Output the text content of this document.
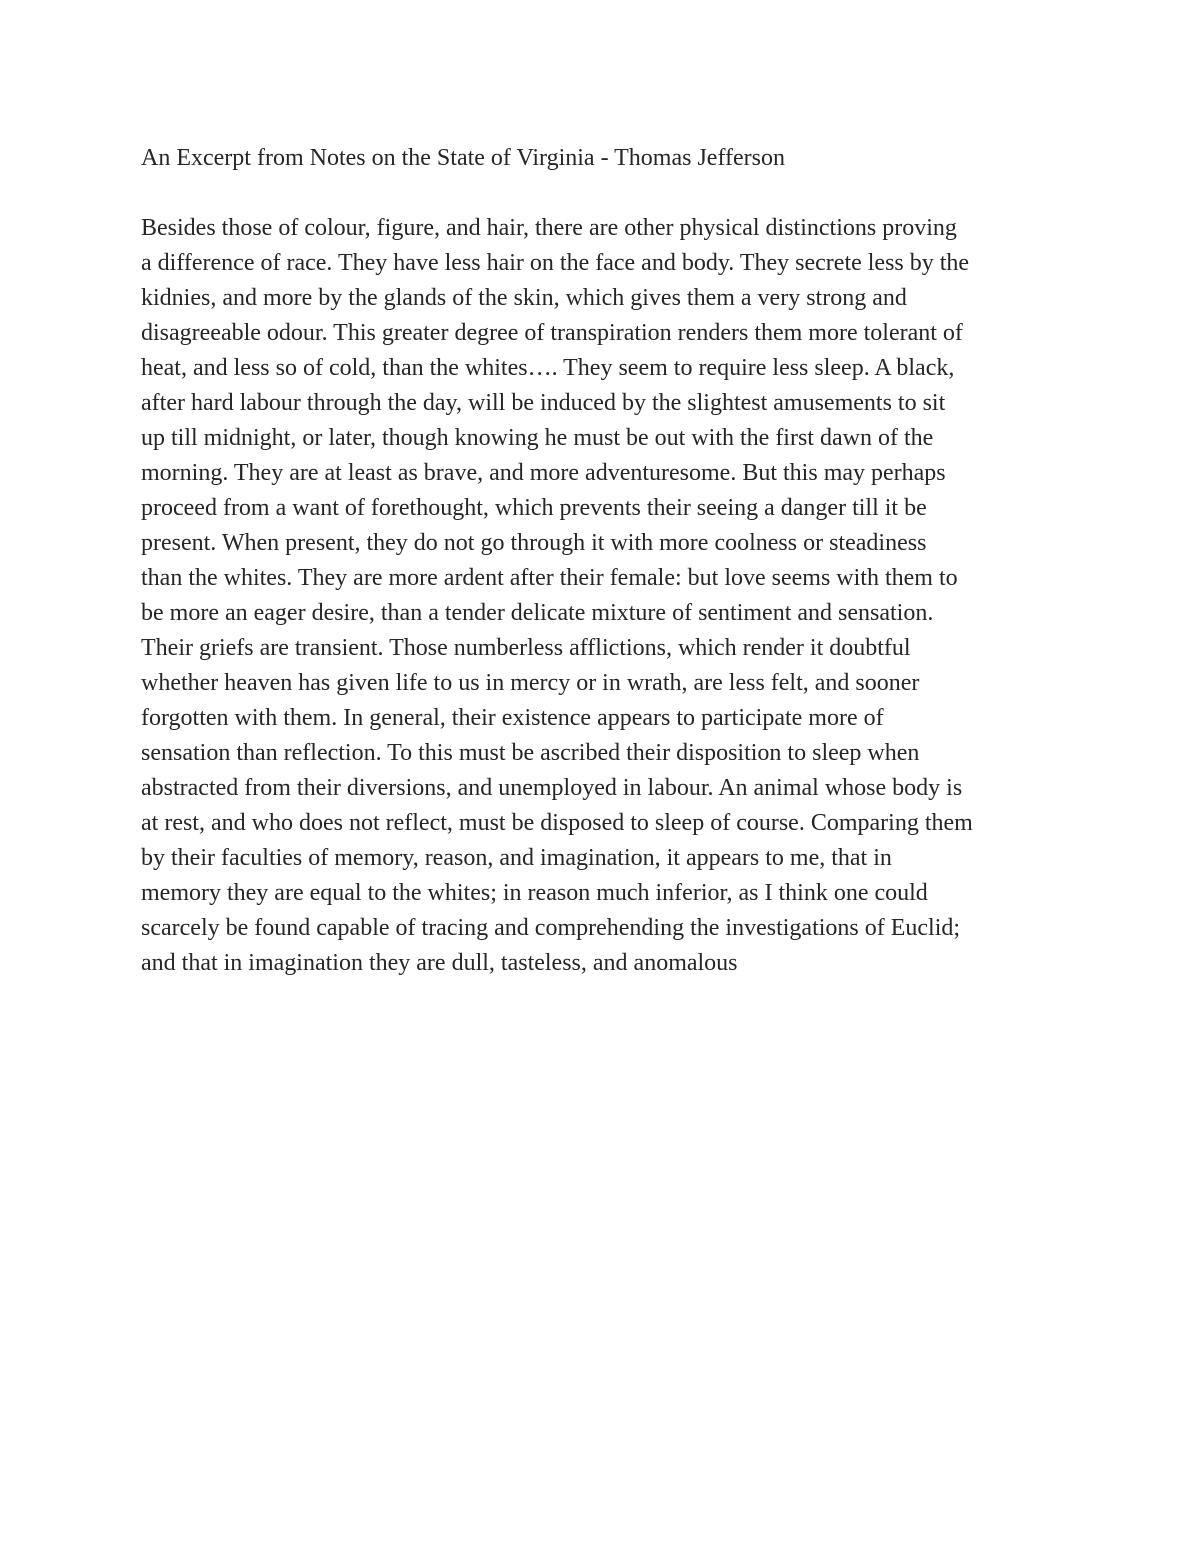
An Excerpt from Notes on the State of Virginia - Thomas Jefferson
Besides those of colour, figure, and hair, there are other physical distinctions proving
a difference of race. They have less hair on the face and body. They secrete less by the
kidnies, and more by the glands of the skin, which gives them a very strong and
disagreeable odour. This greater degree of transpiration renders them more tolerant of
heat, and less so of cold, than the whites…. They seem to require less sleep. A black,
after hard labour through the day, will be induced by the slightest amusements to sit
up till midnight, or later, though knowing he must be out with the first dawn of the
morning. They are at least as brave, and more adventuresome. But this may perhaps
proceed from a want of forethought, which prevents their seeing a danger till it be
present. When present, they do not go through it with more coolness or steadiness
than the whites. They are more ardent after their female: but love seems with them to
be more an eager desire, than a tender delicate mixture of sentiment and sensation.
Their griefs are transient. Those numberless afflictions, which render it doubtful
whether heaven has given life to us in mercy or in wrath, are less felt, and sooner
forgotten with them. In general, their existence appears to participate more of
sensation than reflection. To this must be ascribed their disposition to sleep when
abstracted from their diversions, and unemployed in labour. An animal whose body is
at rest, and who does not reflect, must be disposed to sleep of course. Comparing them
by their faculties of memory, reason, and imagination, it appears to me, that in
memory they are equal to the whites; in reason much inferior, as I think one could
scarcely be found capable of tracing and comprehending the investigations of Euclid;
and that in imagination they are dull, tasteless, and anomalous
